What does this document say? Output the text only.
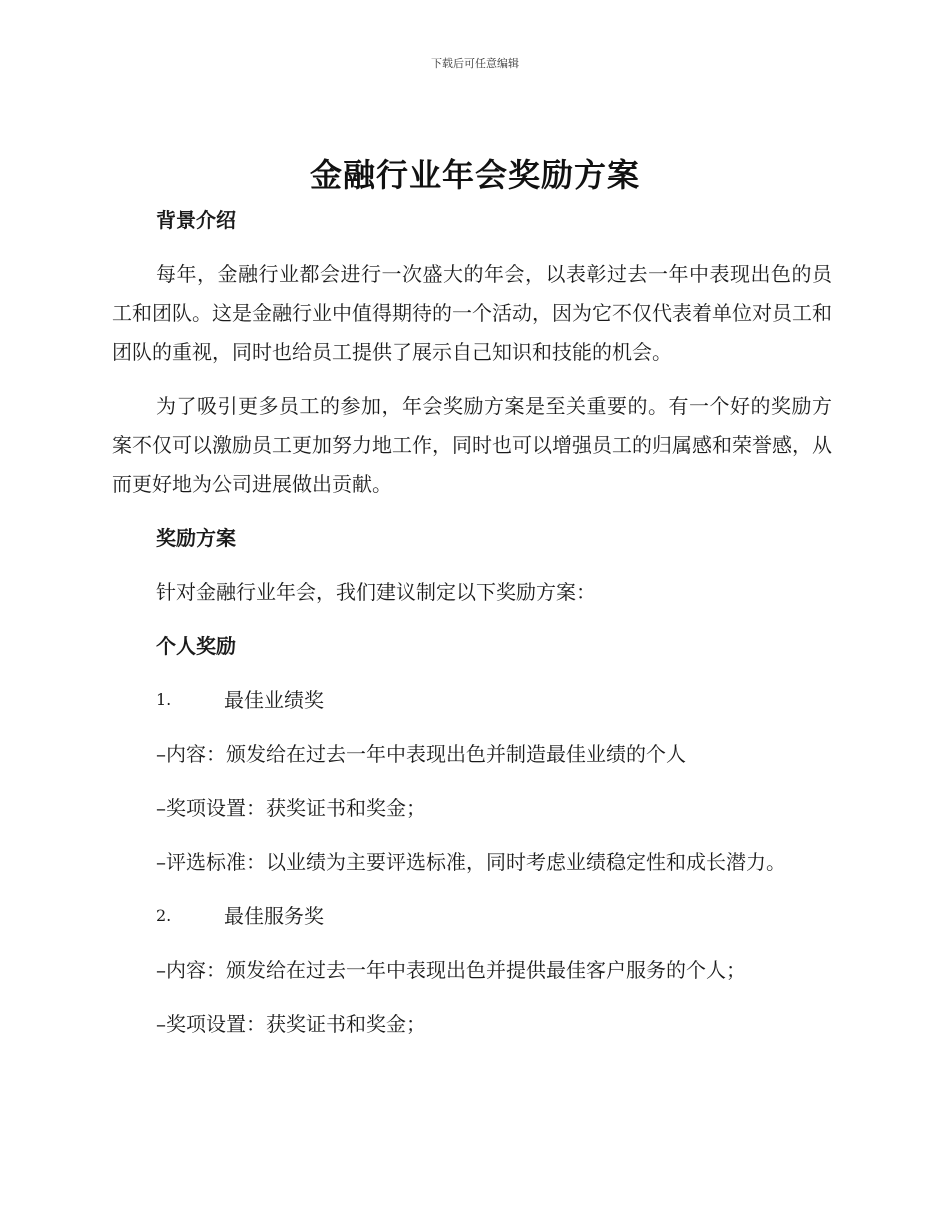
下载后可任意编辑
金融行业年会奖励方案

背景介绍

每年，金融行业都会进行一次盛大的年会，以表彰过去一年中表现出色的员工和团队。这是金融行业中值得期待的一个活动，因为它不仅代表着单位对员工和团队的重视，同时也给员工提供了展示自己知识和技能的机会。

为了吸引更多员工的参加，年会奖励方案是至关重要的。有一个好的奖励方案不仅可以激励员工更加努力地工作，同时也可以增强员工的归属感和荣誉感，从而更好地为公司进展做出贡献。

奖励方案

针对金融行业年会，我们建议制定以下奖励方案：

个人奖励

1.	最佳业绩奖

–内容：颁发给在过去一年中表现出色并制造最佳业绩的个人

–奖项设置：获奖证书和奖金；

–评选标准：以业绩为主要评选标准，同时考虑业绩稳定性和成长潜力。

2.	最佳服务奖

–内容：颁发给在过去一年中表现出色并提供最佳客户服务的个人；

–奖项设置：获奖证书和奖金；
